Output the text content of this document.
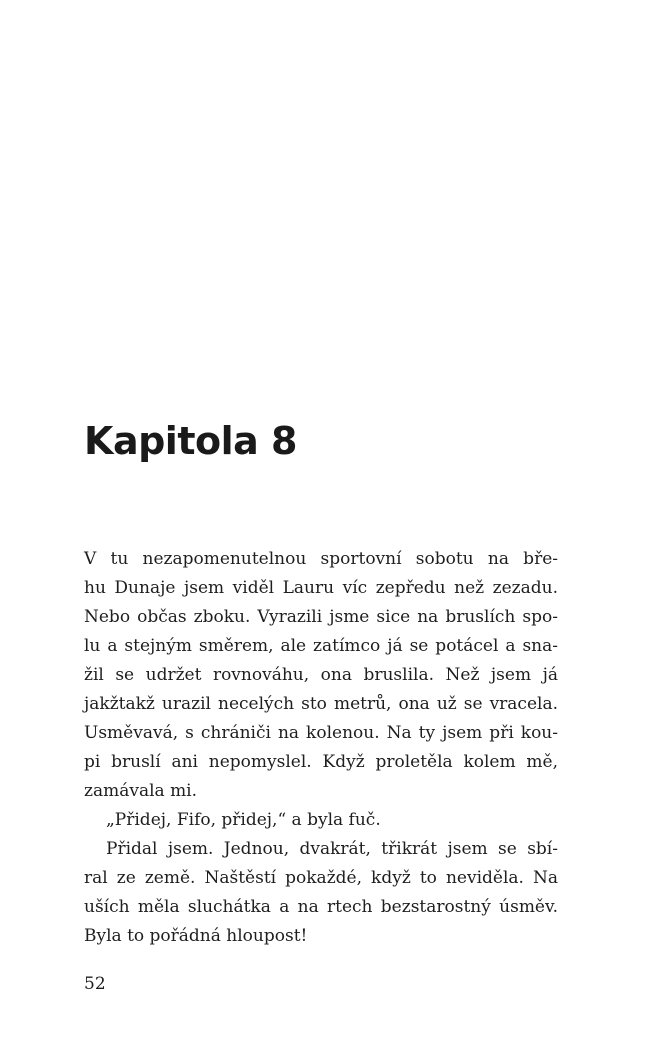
Kapitola 8
V tu nezapomenutelnou sportovní sobotu na bře-
hu Dunaje jsem viděl Lauru víc zepředu než zezadu.
Nebo občas zboku. Vyrazili jsme sice na bruslích spo-
lu a stejným směrem, ale zatímco já se potácel a sna-
žil se udržet rovnováhu, ona bruslila. Než jsem já
jakžtakž urazil necelých sto metrů, ona už se vracela.
Usměvavá, s chrániči na kolenou. Na ty jsem při kou-
pi bruslí ani nepomyslel. Když proletěla kolem mě,
zamávala mi.
„Přidej, Fifo, přidej,“ a byla fuč.
Přidal jsem. Jednou, dvakrát, třikrát jsem se sbí-
ral ze země. Naštěstí pokaždé, když to neviděla. Na
uších měla sluchátka a na rtech bezstarostný úsměv.
Byla to pořádná hloupost!
52
